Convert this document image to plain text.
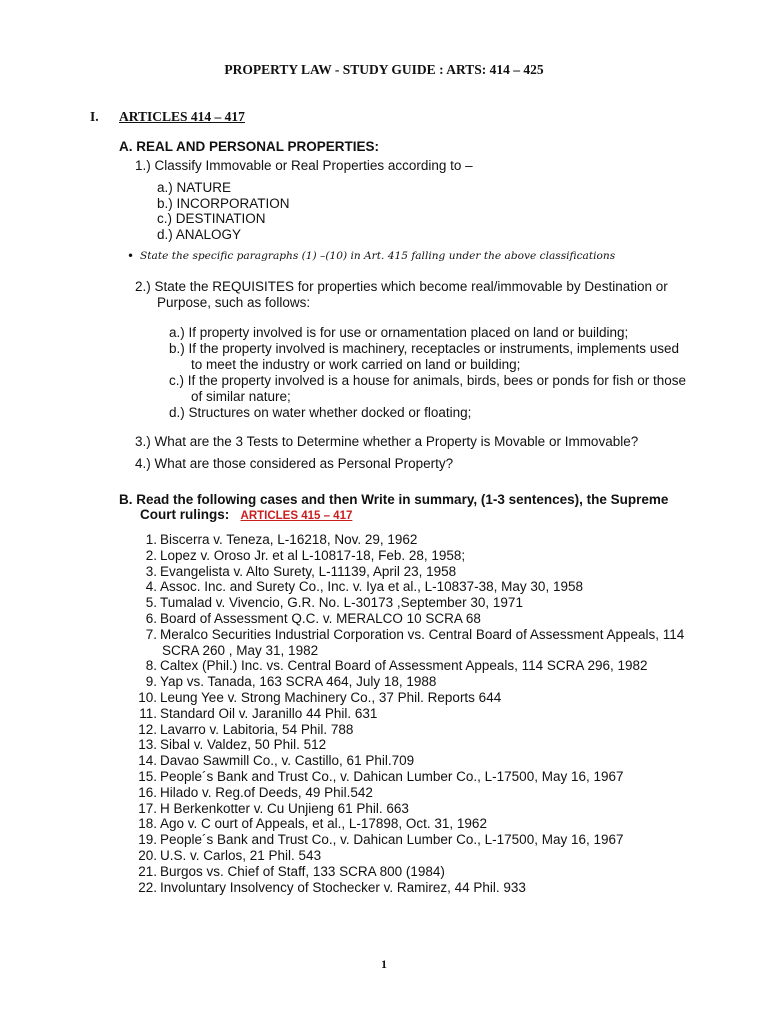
PROPERTY LAW - STUDY GUIDE : ARTS: 414 – 425
I. ARTICLES 414 – 417
A. REAL AND PERSONAL PROPERTIES:
1.) Classify Immovable or Real Properties according to –
a.) NATURE
b.) INCORPORATION
c.) DESTINATION
d.) ANALOGY
• State the specific paragraphs (1) –(10) in Art. 415 falling under the above classifications
2.) State the REQUISITES for properties which become real/immovable by Destination or
Purpose, such as follows:
a.) If property involved is for use or ornamentation placed on land or building;
b.) If the property involved is machinery, receptacles or instruments, implements used
to meet the industry or work carried on land or building;
c.) If the property involved is a house for animals, birds, bees or ponds for fish or those
of similar nature;
d.) Structures on water whether docked or floating;
3.) What are the 3 Tests to Determine whether a Property is Movable or Immovable?
4.) What are those considered as Personal Property?
B. Read the following cases and then Write in summary, (1-3 sentences), the Supreme
Court rulings: ARTICLES 415 – 417
1. Biscerra v. Teneza, L-16218, Nov. 29, 1962
2. Lopez v. Oroso Jr. et al L-10817-18, Feb. 28, 1958;
3. Evangelista v. Alto Surety, L-11139, April 23, 1958
4. Assoc. Inc. and Surety Co., Inc. v. Iya et al., L-10837-38, May 30, 1958
5. Tumalad v. Vivencio, G.R. No. L-30173 ,September 30, 1971
6. Board of Assessment Q.C. v. MERALCO 10 SCRA 68
7. Meralco Securities Industrial Corporation vs. Central Board of Assessment Appeals, 114
SCRA 260 , May 31, 1982
8. Caltex (Phil.) Inc. vs. Central Board of Assessment Appeals, 114 SCRA 296, 1982
9. Yap vs. Tanada, 163 SCRA 464, July 18, 1988
10. Leung Yee v. Strong Machinery Co., 37 Phil. Reports 644
11. Standard Oil v. Jaranillo 44 Phil. 631
12. Lavarro v. Labitoria, 54 Phil. 788
13. Sibal v. Valdez, 50 Phil. 512
14. Davao Sawmill Co., v. Castillo, 61 Phil.709
15. People´s Bank and Trust Co., v. Dahican Lumber Co., L-17500, May 16, 1967
16. Hilado v. Reg.of Deeds, 49 Phil.542
17. H Berkenkotter v. Cu Unjieng 61 Phil. 663
18. Ago v. C ourt of Appeals, et al., L-17898, Oct. 31, 1962
19. People´s Bank and Trust Co., v. Dahican Lumber Co., L-17500, May 16, 1967
20. U.S. v. Carlos, 21 Phil. 543
21. Burgos vs. Chief of Staff, 133 SCRA 800 (1984)
22. Involuntary Insolvency of Stochecker v. Ramirez, 44 Phil. 933
1
